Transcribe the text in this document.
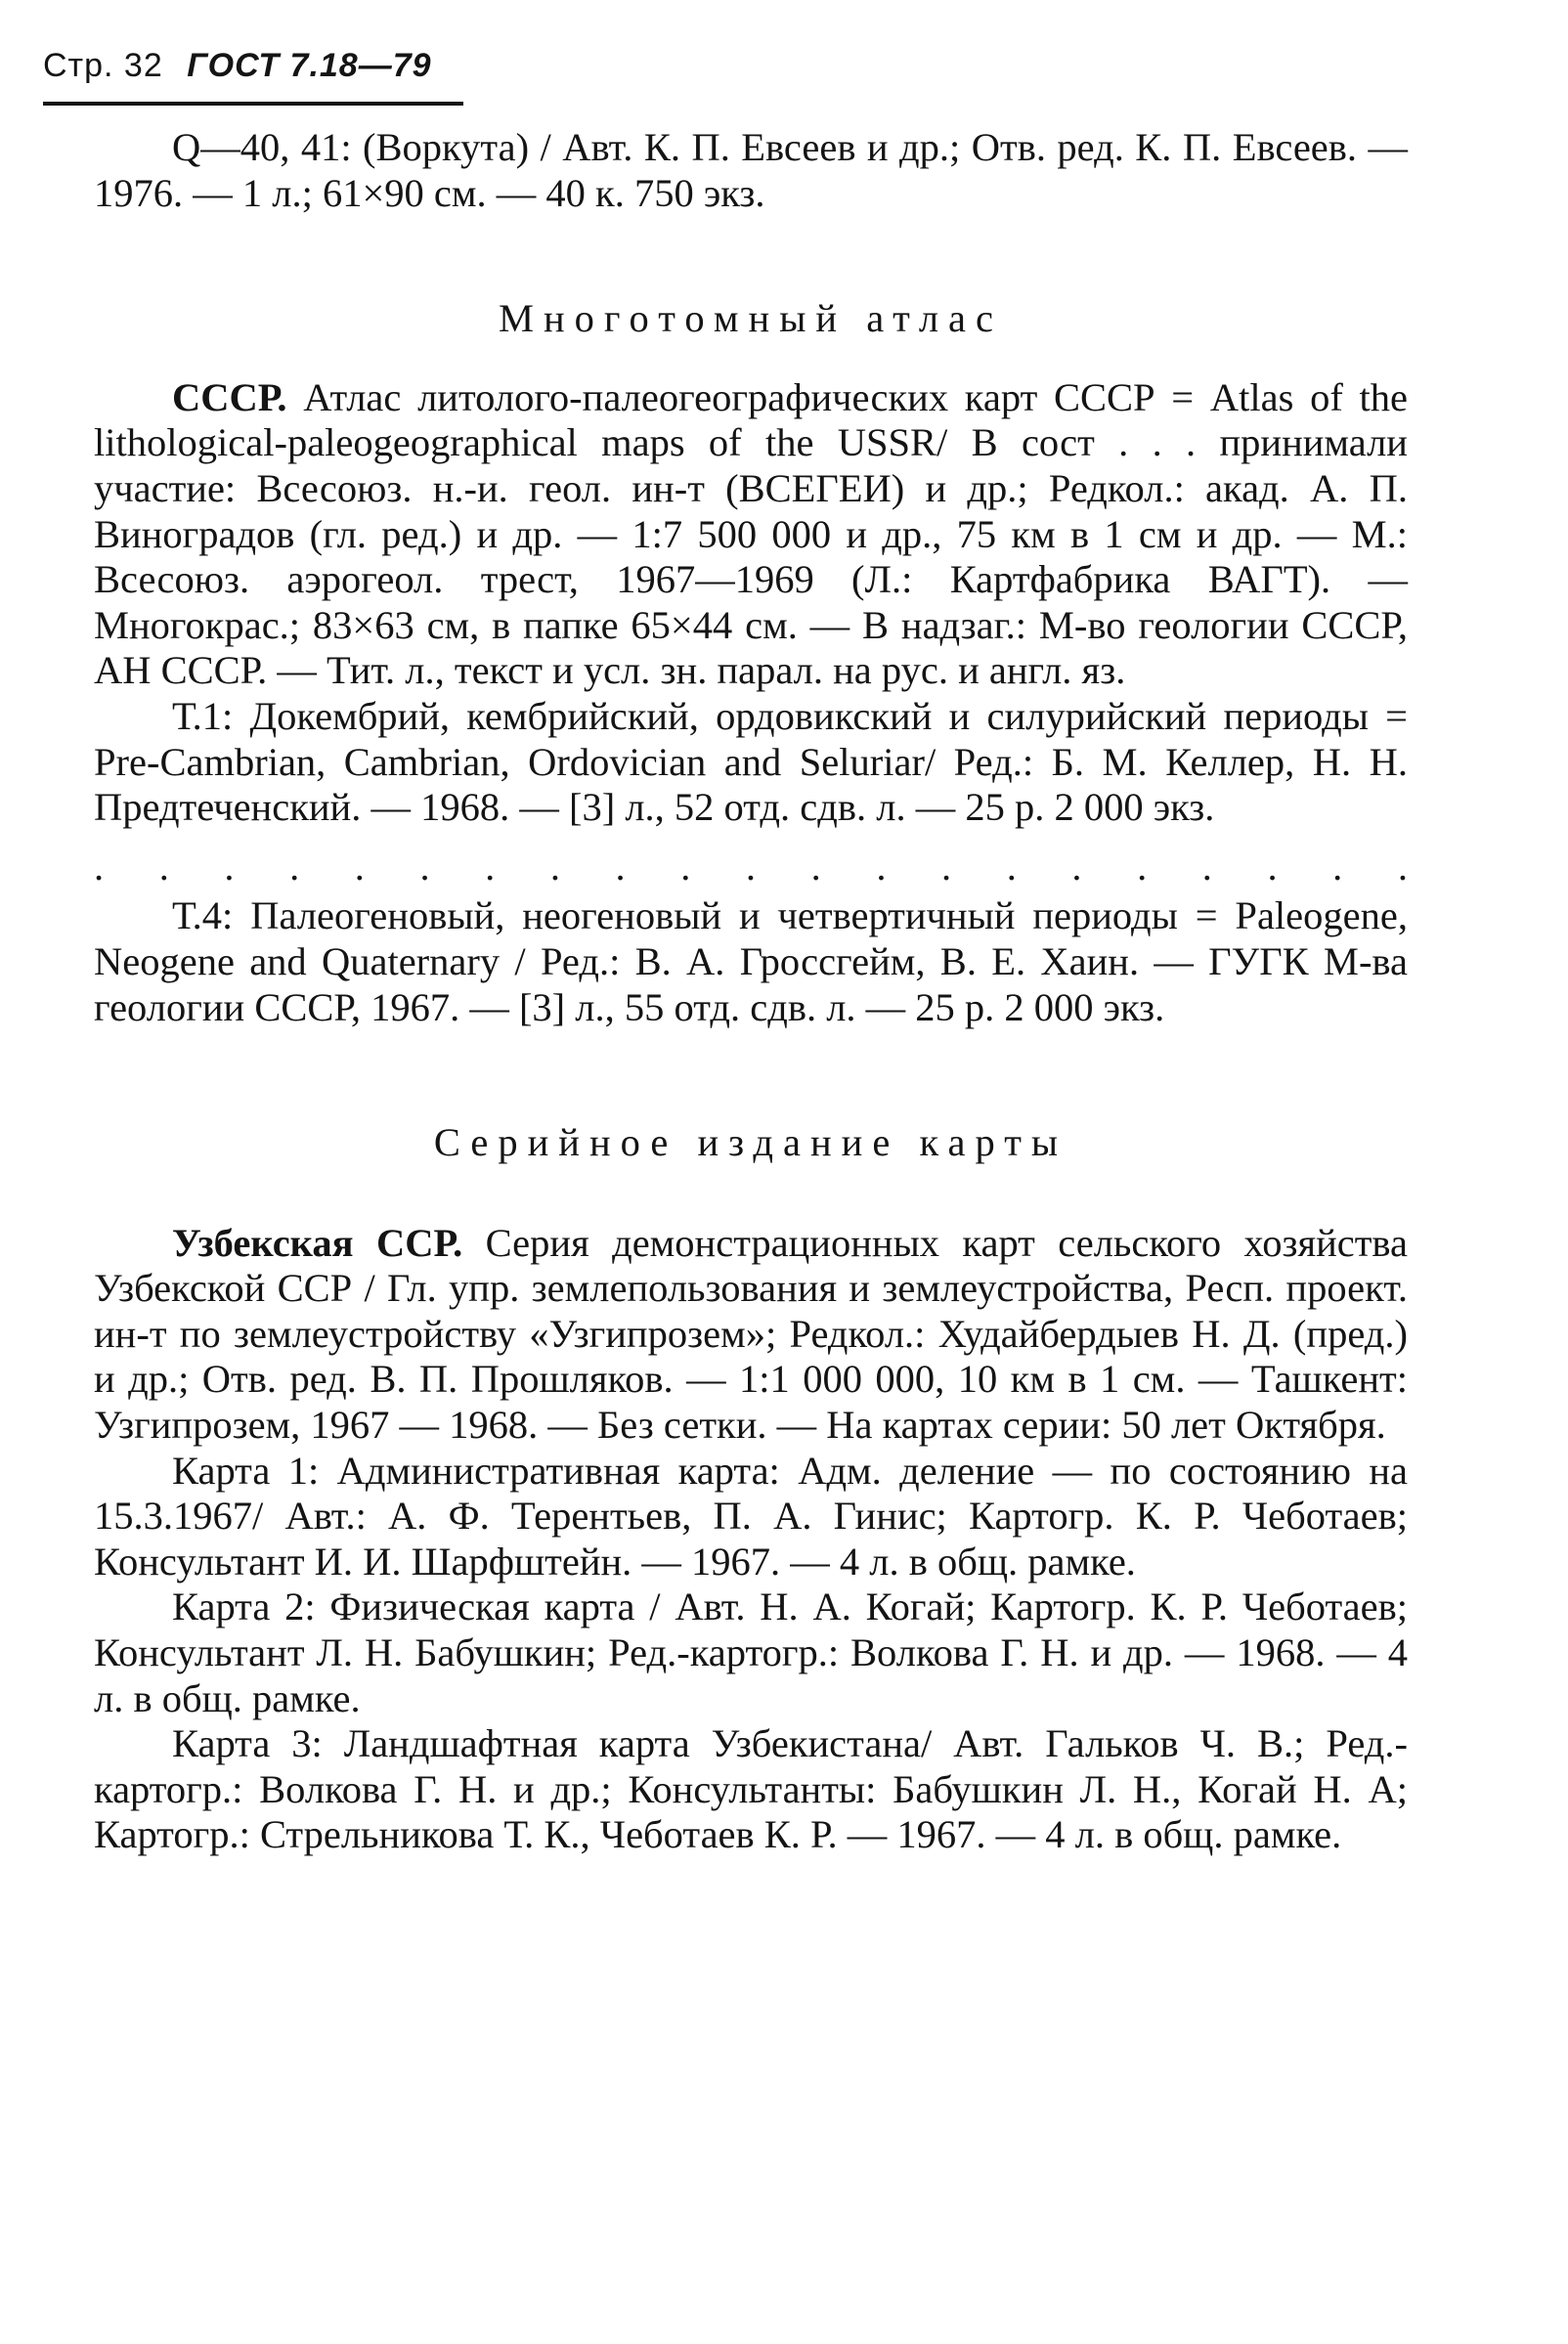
Стр. 32 ГОСТ 7.18—79

Q—40, 41: (Воркута) / Авт. К. П. Евсеев и др.; Отв. ред. К. П. Евсеев. — 1976. — 1 л.; 61×90 см. — 40 к. 750 экз.

Многотомный атлас

СССР. Атлас литолого-палеогеографических карт СССР = Atlas of the lithological-paleogeographical maps of the USSR/ В сост . . . принимали участие: Всесоюз. н.-и. геол. ин-т (ВСЕГЕИ) и др.; Редкол.: акад. А. П. Виноградов (гл. ред.) и др. — 1:7 500 000 и др., 75 км в 1 см и др. — М.: Всесоюз. аэрогеол. трест, 1967—1969 (Л.: Картфабрика ВАГТ). — Многокрас.; 83×63 см, в папке 65×44 см. — В надзаг.: М-во геологии СССР, АН СССР. — Тит. л., текст и усл. зн. парал. на рус. и англ. яз.

Т.1: Докембрий, кембрийский, ордовикский и силурийский периоды = Pre-Cambrian, Cambrian, Ordovician and Seluriar/ Ред.: Б. М. Келлер, Н. Н. Предтеченский. — 1968. — [3] л., 52 отд. сдв. л. — 25 р. 2 000 экз.

. . . . . . . . . . . . . . . . . . . . .

Т.4: Палеогеновый, неогеновый и четвертичный периоды = Paleogene, Neogene and Quaternary / Ред.: В. А. Гроссгейм, В. Е. Хаин. — ГУГК М-ва геологии СССР, 1967. — [3] л., 55 отд. сдв. л. — 25 р. 2 000 экз.

Серийное издание карты

Узбекская ССР. Серия демонстрационных карт сельского хозяйства Узбекской ССР / Гл. упр. землепользования и землеустройства, Респ. проект. ин-т по землеустройству «Узгипрозем»; Редкол.: Худайбердыев Н. Д. (пред.) и др.; Отв. ред. В. П. Прошляков. — 1:1 000 000, 10 км в 1 см. — Ташкент: Узгипрозем, 1967 — 1968. — Без сетки. — На картах серии: 50 лет Октября.

Карта 1: Административная карта: Адм. деление — по состоянию на 15.3.1967/ Авт.: А. Ф. Терентьев, П. А. Гинис; Картогр. К. Р. Чеботаев; Консультант И. И. Шарфштейн. — 1967. — 4 л. в общ. рамке.

Карта 2: Физическая карта / Авт. Н. А. Когай; Картогр. К. Р. Чеботаев; Консультант Л. Н. Бабушкин; Ред.-картогр.: Волкова Г. Н. и др. — 1968. — 4 л. в общ. рамке.

Карта 3: Ландшафтная карта Узбекистана/ Авт. Гальков Ч. В.; Ред.-картогр.: Волкова Г. Н. и др.; Консультанты: Бабушкин Л. Н., Когай Н. А; Картогр.: Стрельникова Т. К., Чеботаев К. Р. — 1967. — 4 л. в общ. рамке.
